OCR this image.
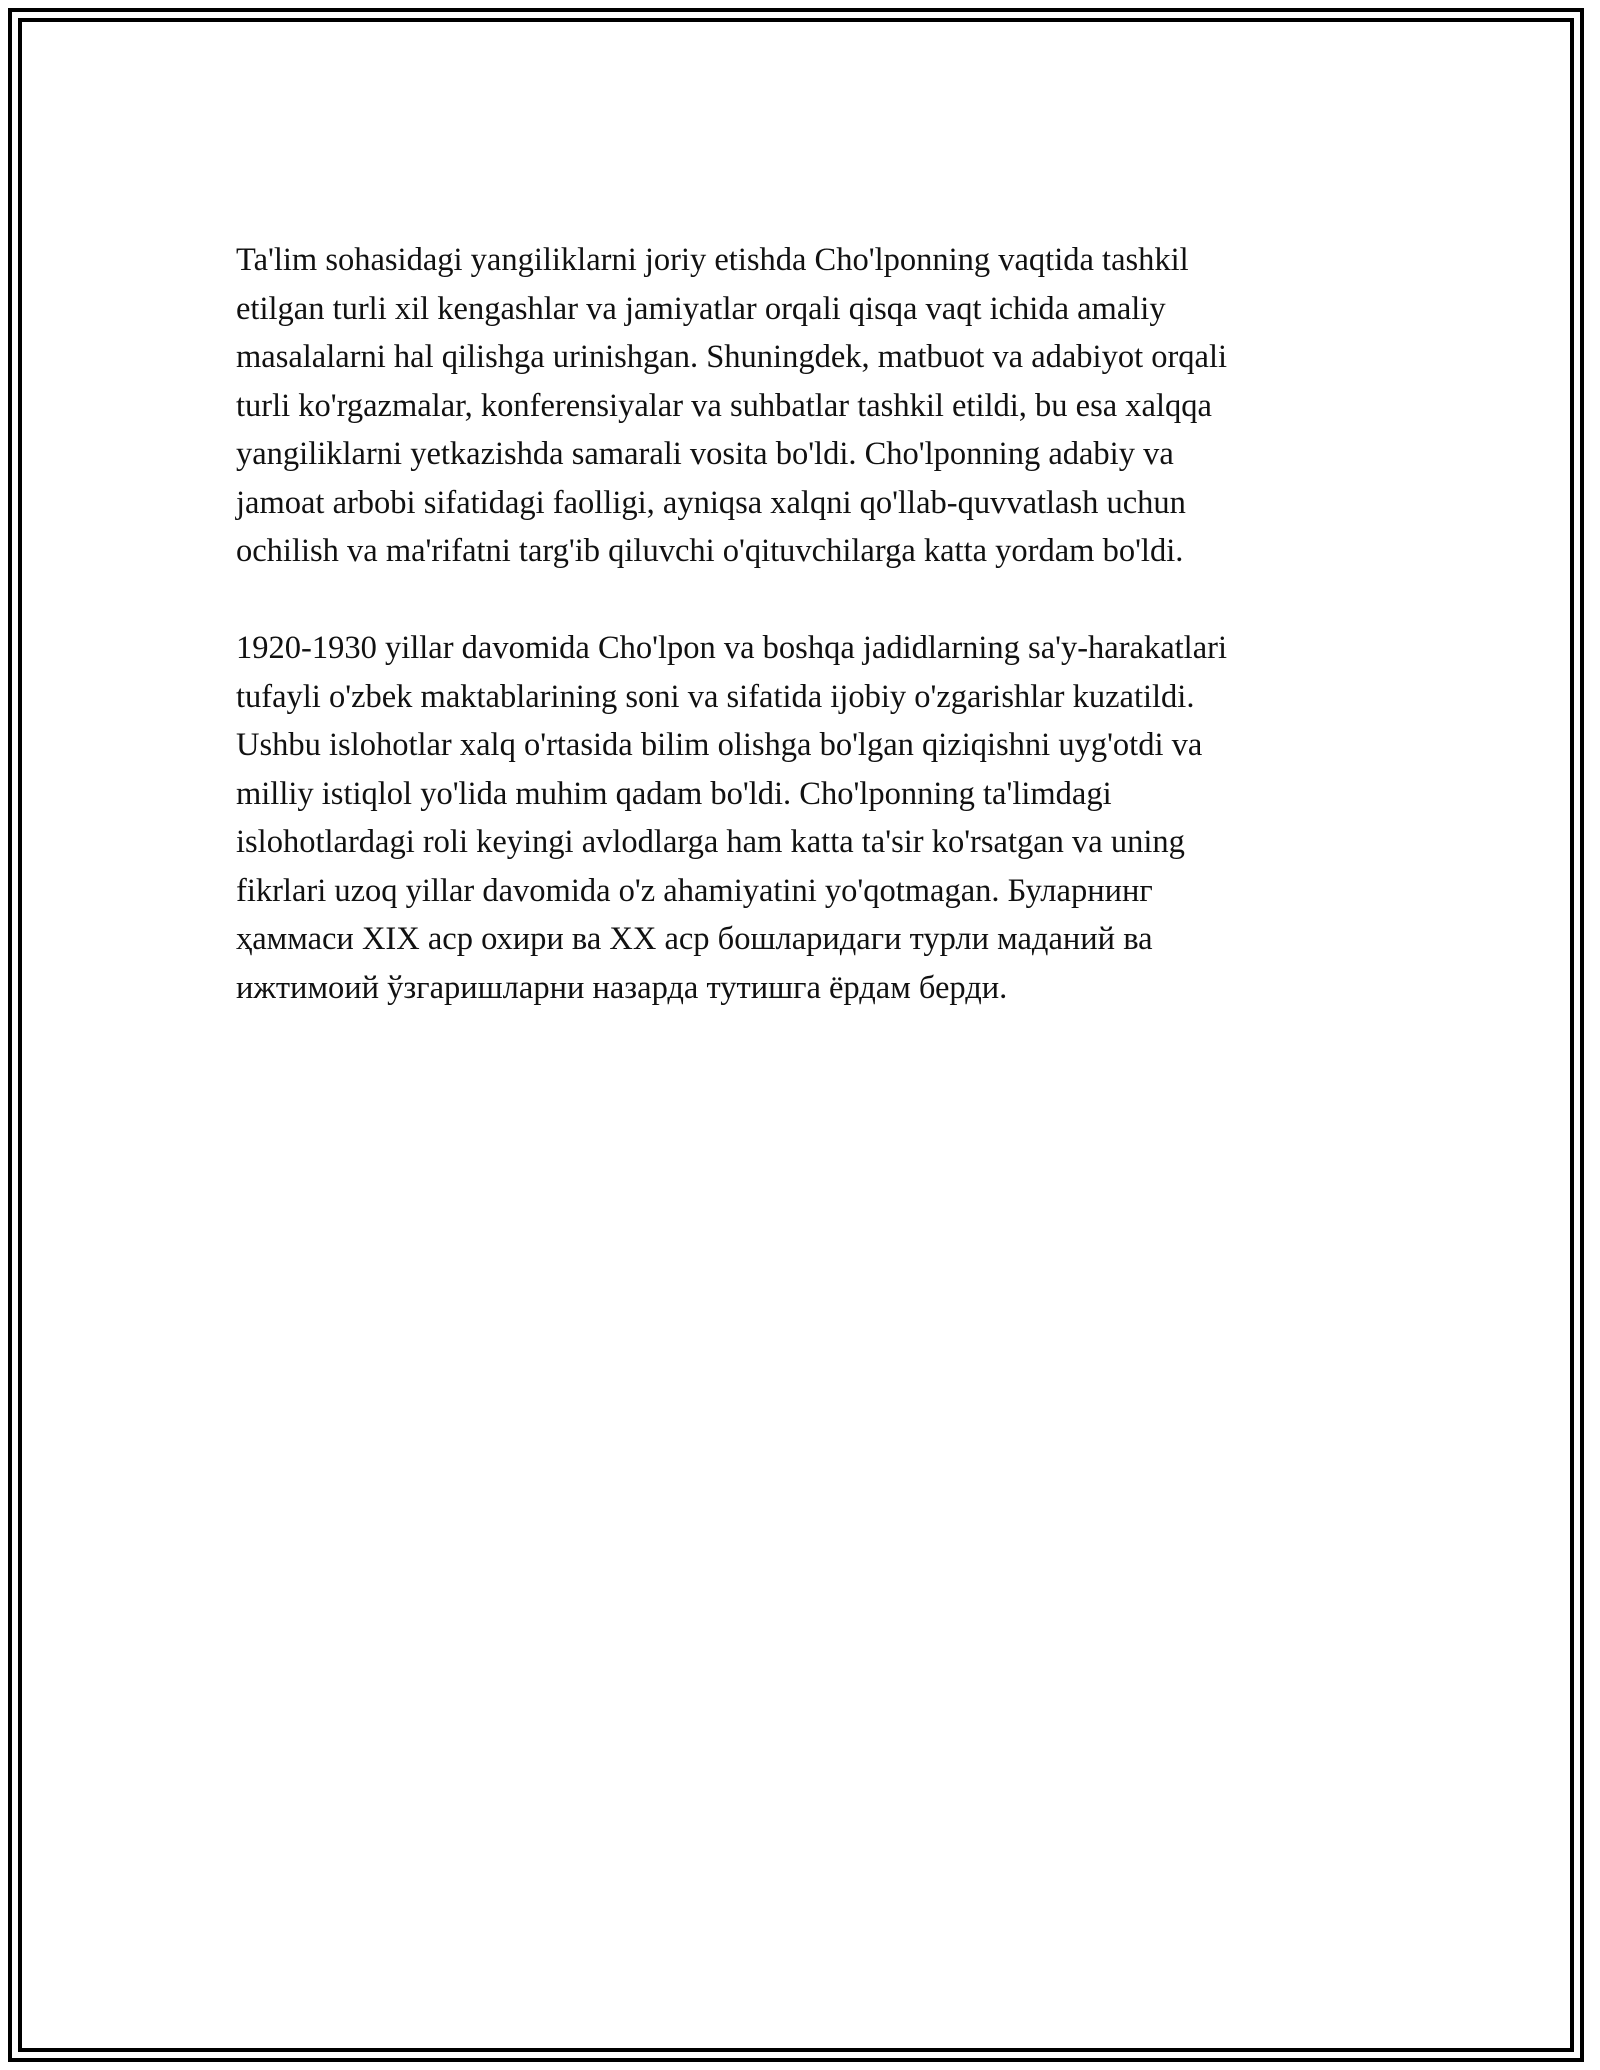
Ta'lim sohasidagi yangiliklarni joriy etishda Cho'lponning vaqtida tashkil
etilgan turli xil kengashlar va jamiyatlar orqali qisqa vaqt ichida amaliy
masalalarni hal qilishga urinishgan. Shuningdek, matbuot va adabiyot orqali
turli ko'rgazmalar, konferensiyalar va suhbatlar tashkil etildi, bu esa xalqqa
yangiliklarni yetkazishda samarali vosita bo'ldi. Cho'lponning adabiy va
jamoat arbobi sifatidagi faolligi, ayniqsa xalqni qo'llab-quvvatlash uchun
ochilish va ma'rifatni targ'ib qiluvchi o'qituvchilarga katta yordam bo'ldi.

1920-1930 yillar davomida Cho'lpon va boshqa jadidlarning sa'y-harakatlari
tufayli o'zbek maktablarining soni va sifatida ijobiy o'zgarishlar kuzatildi.
Ushbu islohotlar xalq o'rtasida bilim olishga bo'lgan qiziqishni uyg'otdi va
milliy istiqlol yo'lida muhim qadam bo'ldi. Cho'lponning ta'limdagi
islohotlardagi roli keyingi avlodlarga ham katta ta'sir ko'rsatgan va uning
fikrlari uzoq yillar davomida o'z ahamiyatini yo'qotmagan. Буларнинг
ҳаммаси XIX аср охири ва XX аср бошларидаги турли маданий ва
ижтимоий ўзгаришларни назарда тутишга ёрдам берди.
